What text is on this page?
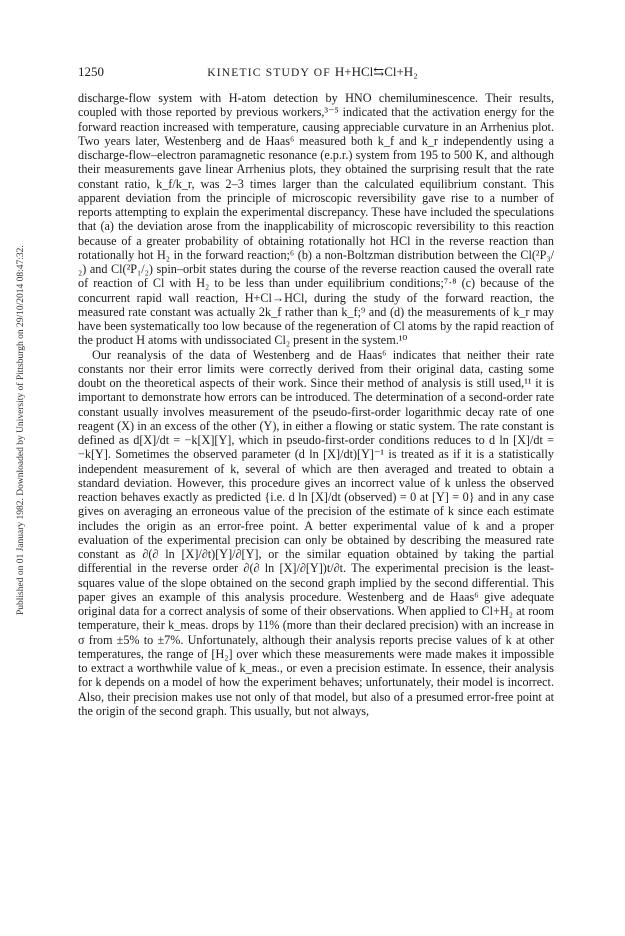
1250	KINETIC STUDY OF H+HCl⇆Cl+H₂
Published on 01 January 1982. Downloaded by University of Pittsburgh on 29/10/2014 08:47:32.

discharge-flow system with H-atom detection by HNO chemiluminescence. Their results, coupled with those reported by previous workers,³⁻⁵ indicated that the activation energy for the forward reaction increased with temperature, causing appreciable curvature in an Arrhenius plot. Two years later, Westenberg and de Haas⁶ measured both k_f and k_r independently using a discharge-flow–electron paramagnetic resonance (e.p.r.) system from 195 to 500 K, and although their measurements gave linear Arrhenius plots, they obtained the surprising result that the rate constant ratio, k_f/k_r, was 2–3 times larger than the calculated equilibrium constant. This apparent deviation from the principle of microscopic reversibility gave rise to a number of reports attempting to explain the experimental discrepancy. These have included the speculations that (a) the deviation arose from the inapplicability of microscopic reversibility to this reaction because of a greater probability of obtaining rotationally hot HCl in the reverse reaction than rotationally hot H₂ in the forward reaction;⁶ (b) a non-Boltzman distribution between the Cl(²P₃/₂) and Cl(²P₁/₂) spin–orbit states during the course of the reverse reaction caused the overall rate of reaction of Cl with H₂ to be less than under equilibrium conditions;⁷·⁸ (c) because of the concurrent rapid wall reaction, H+Cl→HCl, during the study of the forward reaction, the measured rate constant was actually 2k_f rather than k_f;⁹ and (d) the measurements of k_r may have been systematically too low because of the regeneration of Cl atoms by the rapid reaction of the product H atoms with undissociated Cl₂ present in the system.¹⁰

Our reanalysis of the data of Westenberg and de Haas⁶ indicates that neither their rate constants nor their error limits were correctly derived from their original data, casting some doubt on the theoretical aspects of their work. Since their method of analysis is still used,¹¹ it is important to demonstrate how errors can be introduced. The determination of a second-order rate constant usually involves measurement of the pseudo-first-order logarithmic decay rate of one reagent (X) in an excess of the other (Y), in either a flowing or static system. The rate constant is defined as d[X]/dt = −k[X][Y], which in pseudo-first-order conditions reduces to d ln [X]/dt = −k[Y]. Sometimes the observed parameter (d ln [X]/dt)[Y]⁻¹ is treated as if it is a statistically independent measurement of k, several of which are then averaged and treated to obtain a standard deviation. However, this procedure gives an incorrect value of k unless the observed reaction behaves exactly as predicted {i.e. d ln [X]/dt (observed) = 0 at [Y] = 0} and in any case gives on averaging an erroneous value of the precision of the estimate of k since each estimate includes the origin as an error-free point. A better experimental value of k and a proper evaluation of the experimental precision can only be obtained by describing the measured rate constant as ∂(∂ ln [X]/∂t)[Y]/∂[Y], or the similar equation obtained by taking the partial differential in the reverse order ∂(∂ ln [X]/∂[Y])t/∂t. The experimental precision is the least-squares value of the slope obtained on the second graph implied by the second differential. This paper gives an example of this analysis procedure. Westenberg and de Haas⁶ give adequate original data for a correct analysis of some of their observations. When applied to Cl+H₂ at room temperature, their k_meas. drops by 11% (more than their declared precision) with an increase in σ from ±5% to ±7%. Unfortunately, although their analysis reports precise values of k at other temperatures, the range of [H₂] over which these measurements were made makes it impossible to extract a worthwhile value of k_meas., or even a precision estimate. In essence, their analysis for k depends on a model of how the experiment behaves; unfortunately, their model is incorrect. Also, their precision makes use not only of that model, but also of a presumed error-free point at the origin of the second graph. This usually, but not always,
